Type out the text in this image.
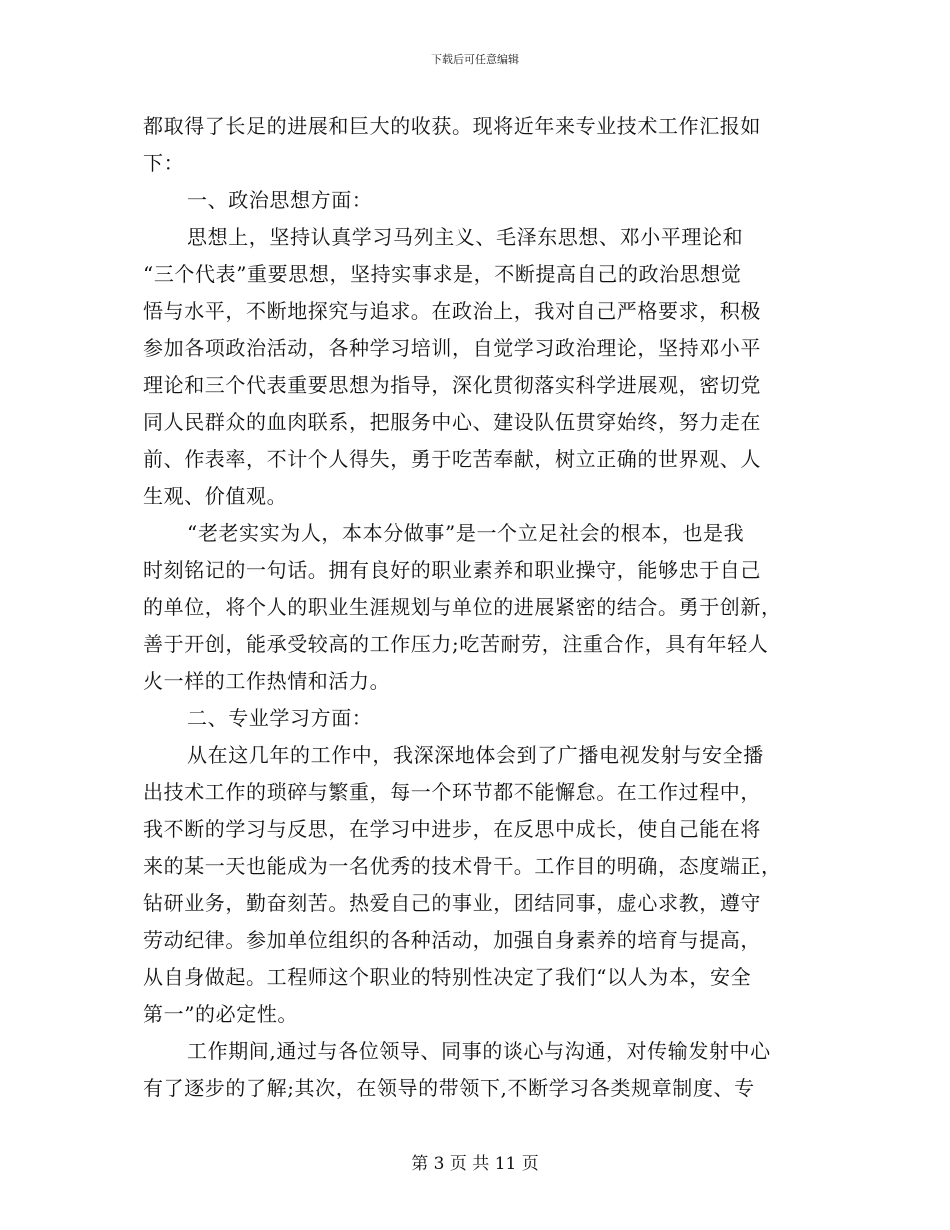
下载后可任意编辑
都取得了长足的进展和巨大的收获。现将近年来专业技术工作汇报如
下：
一、政治思想方面：
思想上，坚持认真学习马列主义、毛泽东思想、邓小平理论和
“三个代表”重要思想，坚持实事求是，不断提高自己的政治思想觉
悟与水平，不断地探究与追求。在政治上，我对自己严格要求，积极
参加各项政治活动，各种学习培训，自觉学习政治理论，坚持邓小平
理论和三个代表重要思想为指导，深化贯彻落实科学进展观，密切党
同人民群众的血肉联系，把服务中心、建设队伍贯穿始终，努力走在
前、作表率，不计个人得失，勇于吃苦奉献，树立正确的世界观、人
生观、价值观。
“老老实实为人，本本分做事”是一个立足社会的根本，也是我
时刻铭记的一句话。拥有良好的职业素养和职业操守，能够忠于自己
的单位，将个人的职业生涯规划与单位的进展紧密的结合。勇于创新，
善于开创，能承受较高的工作压力;吃苦耐劳，注重合作，具有年轻人
火一样的工作热情和活力。
二、专业学习方面：
从在这几年的工作中，我深深地体会到了广播电视发射与安全播
出技术工作的琐碎与繁重，每一个环节都不能懈怠。在工作过程中，
我不断的学习与反思，在学习中进步，在反思中成长，使自己能在将
来的某一天也能成为一名优秀的技术骨干。工作目的明确，态度端正，
钻研业务，勤奋刻苦。热爱自己的事业，团结同事，虚心求教，遵守
劳动纪律。参加单位组织的各种活动，加强自身素养的培育与提高，
从自身做起。工程师这个职业的特别性决定了我们“以人为本，安全
第一”的必定性。
工作期间,通过与各位领导、同事的谈心与沟通，对传输发射中心
有了逐步的了解;其次，在领导的带领下,不断学习各类规章制度、专
第 3 页 共 11 页
